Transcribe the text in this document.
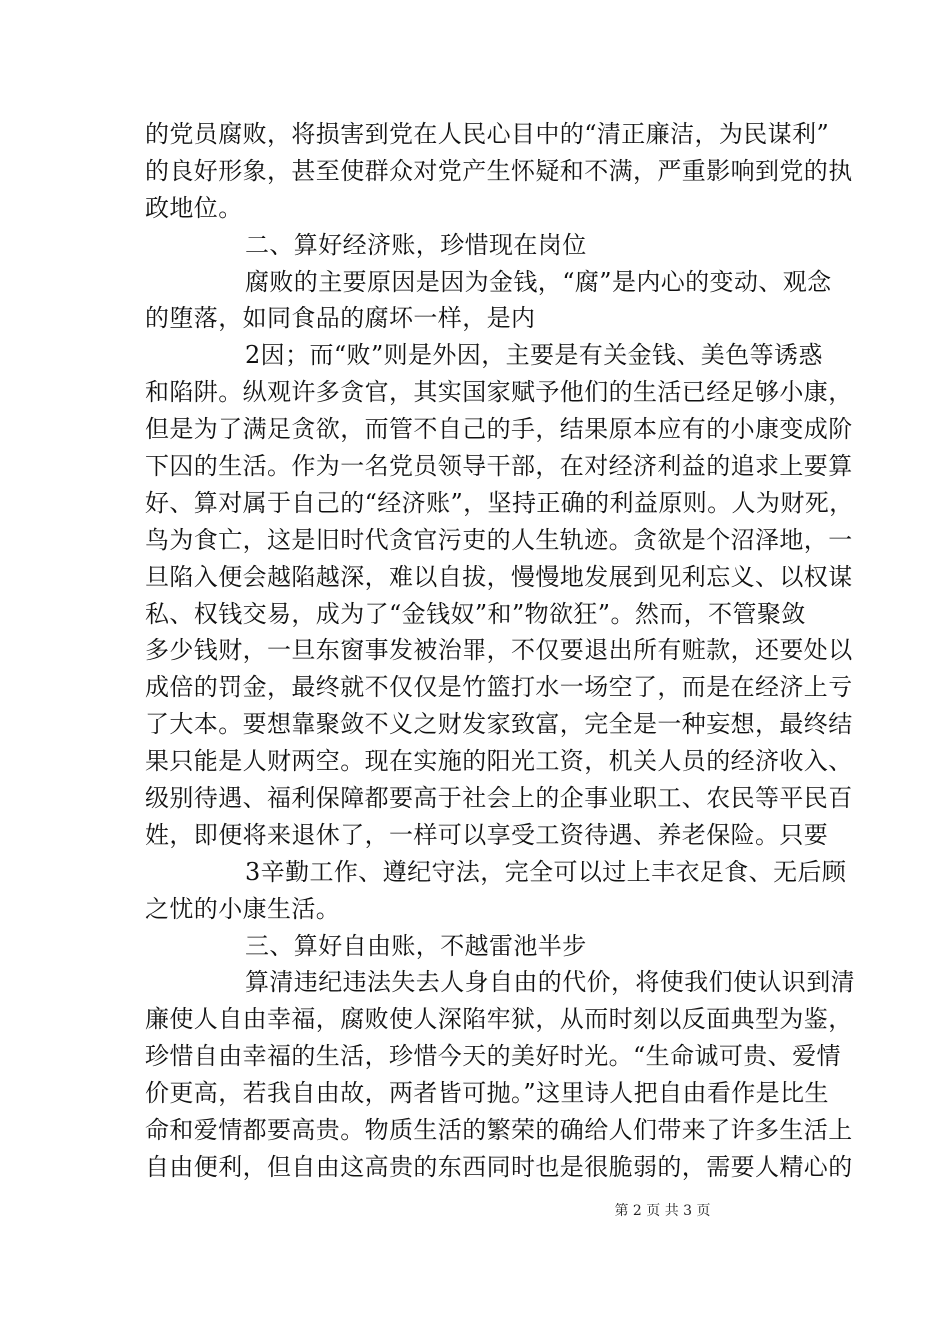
的党员腐败，将损害到党在人民心目中的“清正廉洁，为民谋利”
的良好形象，甚至使群众对党产生怀疑和不满，严重影响到党的执
政地位。
二、算好经济账，珍惜现在岗位
腐败的主要原因是因为金钱，“腐”是内心的变动、观念
的堕落，如同食品的腐坏一样，是内
2因；而“败”则是外因，主要是有关金钱、美色等诱惑
和陷阱。纵观许多贪官，其实国家赋予他们的生活已经足够小康，
但是为了满足贪欲，而管不自己的手，结果原本应有的小康变成阶
下囚的生活。作为一名党员领导干部，在对经济利益的追求上要算
好、算对属于自己的“经济账”，坚持正确的利益原则。人为财死，
鸟为食亡，这是旧时代贪官污吏的人生轨迹。贪欲是个沼泽地，一
旦陷入便会越陷越深，难以自拔，慢慢地发展到见利忘义、以权谋
私、权钱交易，成为了“金钱奴”和”物欲狂”。然而，不管聚敛
多少钱财，一旦东窗事发被治罪，不仅要退出所有赃款，还要处以
成倍的罚金，最终就不仅仅是竹篮打水一场空了，而是在经济上亏
了大本。要想靠聚敛不义之财发家致富，完全是一种妄想，最终结
果只能是人财两空。现在实施的阳光工资，机关人员的经济收入、
级别待遇、福利保障都要高于社会上的企事业职工、农民等平民百
姓，即便将来退休了，一样可以享受工资待遇、养老保险。只要
3辛勤工作、遵纪守法，完全可以过上丰衣足食、无后顾
之忧的小康生活。
三、算好自由账，不越雷池半步
算清违纪违法失去人身自由的代价，将使我们使认识到清
廉使人自由幸福，腐败使人深陷牢狱，从而时刻以反面典型为鉴，
珍惜自由幸福的生活，珍惜今天的美好时光。“生命诚可贵、爱情
价更高，若我自由故，两者皆可抛。”这里诗人把自由看作是比生
命和爱情都要高贵。物质生活的繁荣的确给人们带来了许多生活上
自由便利，但自由这高贵的东西同时也是很脆弱的，需要人精心的
第 2 页 共 3 页
